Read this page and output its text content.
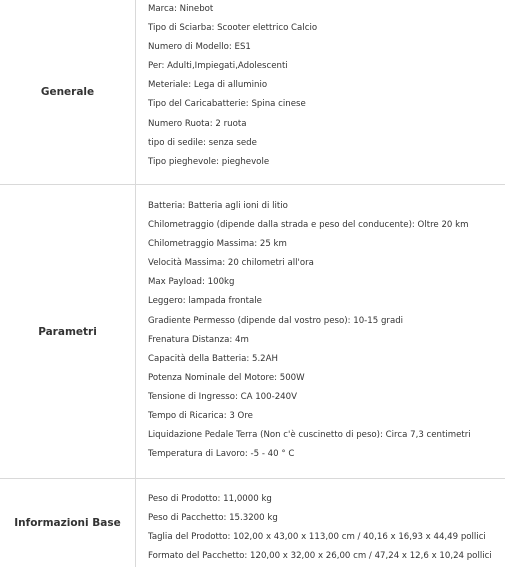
Generale
Marca: Ninebot
Tipo di Sciarba: Scooter elettrico Calcio
Numero di Modello: ES1
Per: Adulti,Impiegati,Adolescenti
Meteriale: Lega di alluminio
Tipo del Caricabatterie: Spina cinese
Numero Ruota: 2 ruota
tipo di sedile: senza sede
Tipo pieghevole: pieghevole
Parametri
Batteria: Batteria agli ioni di litio
Chilometraggio (dipende dalla strada e peso del conducente): Oltre 20 km
Chilometraggio Massima: 25 km
Velocità Massima: 20 chilometri all'ora
Max Payload: 100kg
Leggero: lampada frontale
Gradiente Permesso (dipende dal vostro peso): 10-15 gradi
Frenatura Distanza: 4m
Capacità della Batteria: 5.2AH
Potenza Nominale del Motore: 500W
Tensione di Ingresso: CA 100-240V
Tempo di Ricarica: 3 Ore
Liquidazione Pedale Terra (Non c'è cuscinetto di peso): Circa 7,3 centimetri
Temperatura di Lavoro: -5 - 40 ° C
Informazioni Base
Peso di Prodotto: 11,0000 kg
Peso di Pacchetto: 15.3200 kg
Taglia del Prodotto: 102,00 x 43,00 x 113,00 cm / 40,16 x 16,93 x 44,49 pollici
Formato del Pacchetto: 120,00 x 32,00 x 26,00 cm / 47,24 x 12,6 x 10,24 pollici
